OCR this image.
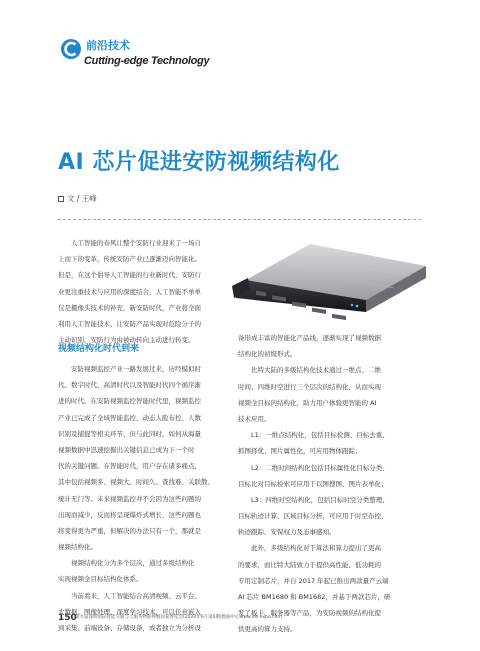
前沿技术
Cutting-edge Technology
AI 芯片促进安防视频结构化
文 / 王峰
人工智能的春风让整个安防行业迎来了一场自
上而下的变革，传统安防产业已逐渐迈向智能化。
但是，在这个倡导人工智能的行业新时代，安防行
业更注重技术与应用的深度结合，人工智能不单单
仅是摄像头技术的补充，新安防时代，产业将全面
利用人工智能技术，让安防产品实现对危险分子的
主动识别，安防行为由被动转向主动进行转变。
视频结构化时代到来
安防视频监控产业一路发展过来，历经模拟时
代、数字时代、高清时代以及智能时代四个循序渐
进的时代。在安防视频监控智能时代里，视频监控
产业已完成了全域智能监控、动态人脸布控、人数
识别及捕捉等相关环节，但与此同时，如何从海量
视频数据中迅速挖掘出关键信息已成为下一个时
代的关键问题。在智能时代，用户存在诸多痛点，
其中包括视频多、视频大、时间久、查找难、关联散、
统计无门等。未来视频监控并不会因为这些问题的
出现而减少，反而将呈现爆炸式增长，这些问题也
将变得更为严重，但解决的办法只有一个，那就是
视频结构化。
视频结构化分为多个层次，通过多级结构化
实现视频全目标结构化体系。
当前看来，人工智能结合高清视频、云平台、
大数据、图像处理、深度学习技术，可以任意嵌入
到采集、前端设备、存储设备，或者独立为分析设
备形成丰富的智能化产品线，逐渐实现了视频数据
结构化的初级形式。
比特大陆的多级结构化技术通过一维点、二维
时间、四维时空进行三个层次的结构化，从而实现
视频全目标的结构化，助力用户体验更智能的 AI
技术应用。
L1：一维点结构化，包括目标检测、目标去重、
抓图择优、图片属性化，可应用物体跟踪；
L2：二维时间结构化包括目标属性化目标分类、
目标比对目标检索可应用于以图搜图、图片表单化；
L3：四维时空结构化，包括目标时空分类整理、
目标轨迹计算、区域目标分析，可应用于时空布控、
轨迹跟踪、安保权力及态事感知。
此外，多级结构化对于算法和算力提出了更高
的要求，而比特大陆致力于提供高性能、低功耗的
专用定制芯片，并自 2017 年起已推出两款量产云端
AI 芯片 BM1680 和 BM1682，并基于两款芯片，研
发了板卡、服务器等产品，为安防视频的结构化提
供更高的算力支持。
150
第九届深圳国际智能交通与云服务物联网暨国家博览会(2020年6月第6期)数据中心www.ids-expo.com
